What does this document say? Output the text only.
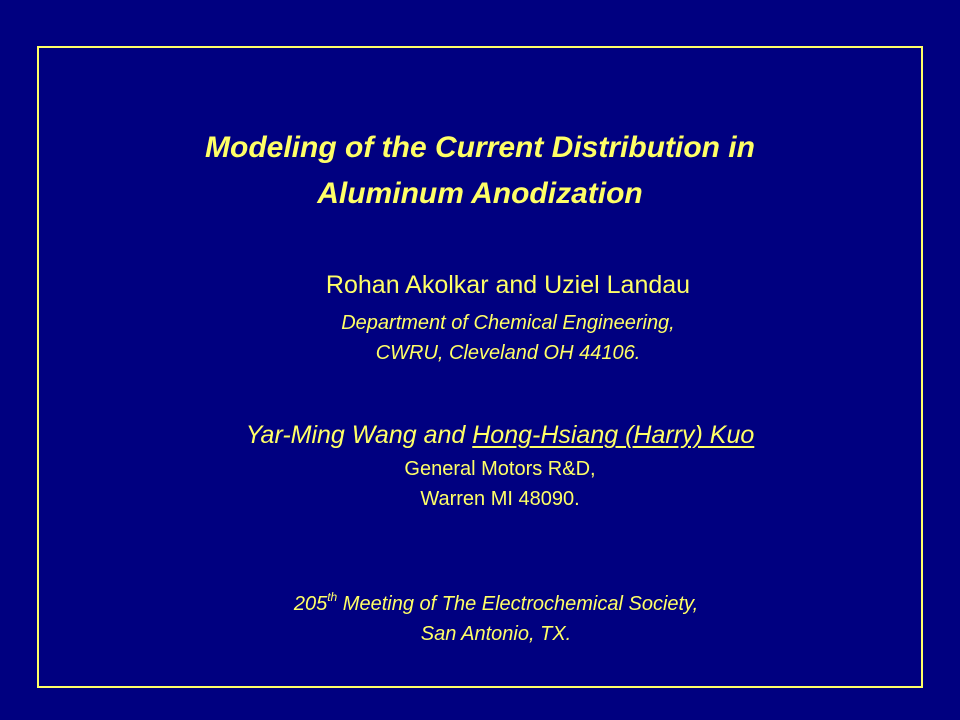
Modeling of the Current Distribution in
Aluminum Anodization
Rohan Akolkar and Uziel Landau
Department of Chemical Engineering,
CWRU, Cleveland OH 44106.
Yar-Ming Wang and Hong-Hsiang (Harry) Kuo
General Motors R&D,
Warren MI 48090.
205th Meeting of The Electrochemical Society,
San Antonio, TX.
